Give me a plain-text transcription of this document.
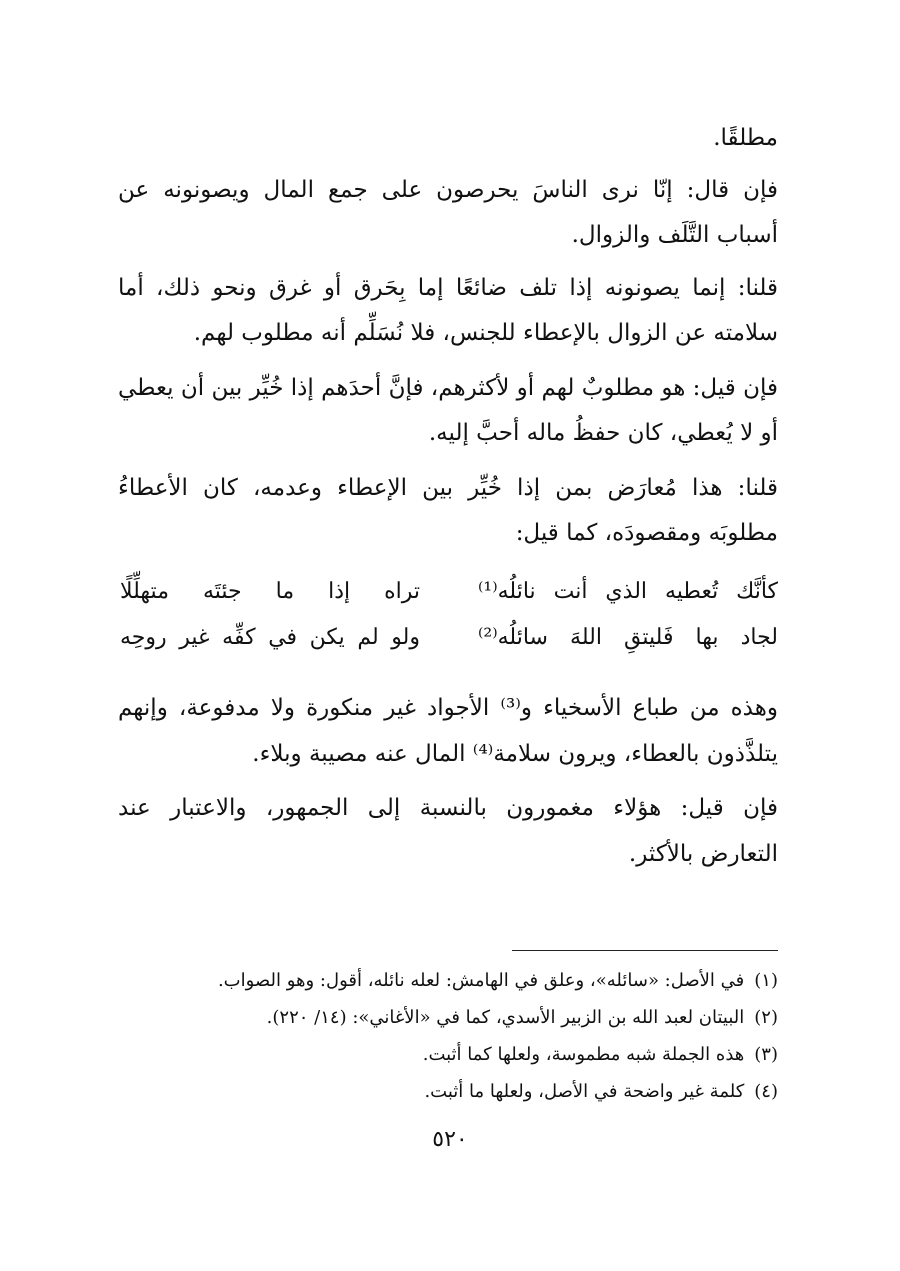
مطلقًا.
فإن قال: إنّا نرى الناسَ يحرصون على جمع المال ويصونونه عن
أسباب التَّلَف والزوال.
قلنا: إنما يصونونه إذا تلف ضائعًا إما بِحَرق أو غرق ونحو ذلك، أما
سلامته عن الزوال بالإعطاء للجنس، فلا نُسَلِّم أنه مطلوب لهم.
فإن قيل: هو مطلوبٌ لهم أو لأكثرهم، فإنَّ أحدَهم إذا خُيِّر بين أن يعطي
أو لا يُعطي، كان حفظُ ماله أحبَّ إليه.
قلنا: هذا مُعارَض بمن إذا خُيِّر بين الإعطاء وعدمه، كان الأعطاءُ
مطلوبَه ومقصودَه، كما قيل:
تراه إذا ما جئتَه متهلِّلًا	كأنَّك تُعطيه الذي أنت نائلُه⁽¹⁾
ولو لم يكن في كفِّه غير روحِه	لجاد بها فَليتقِ اللهَ سائلُه⁽²⁾
وهذه من طباع الأسخياء و⁽³⁾ الأجواد غير منكورة ولا مدفوعة، وإنهم
يتلذَّذون بالعطاء، ويرون سلامة⁽⁴⁾ المال عنه مصيبة وبلاء.
فإن قيل: هؤلاء مغمورون بالنسبة إلى الجمهور، والاعتبار عند
التعارض بالأكثر.
(١)في الأصل: «سائله»، وعلق في الهامش: لعله نائله، أقول: وهو الصواب.
(٢)البيتان لعبد الله بن الزبير الأسدي، كما في «الأغاني»: (١٤/ ٢٢٠).
(٣)هذه الجملة شبه مطموسة، ولعلها كما أثبت.
(٤)كلمة غير واضحة في الأصل، ولعلها ما أثبت.
٥٢٠
